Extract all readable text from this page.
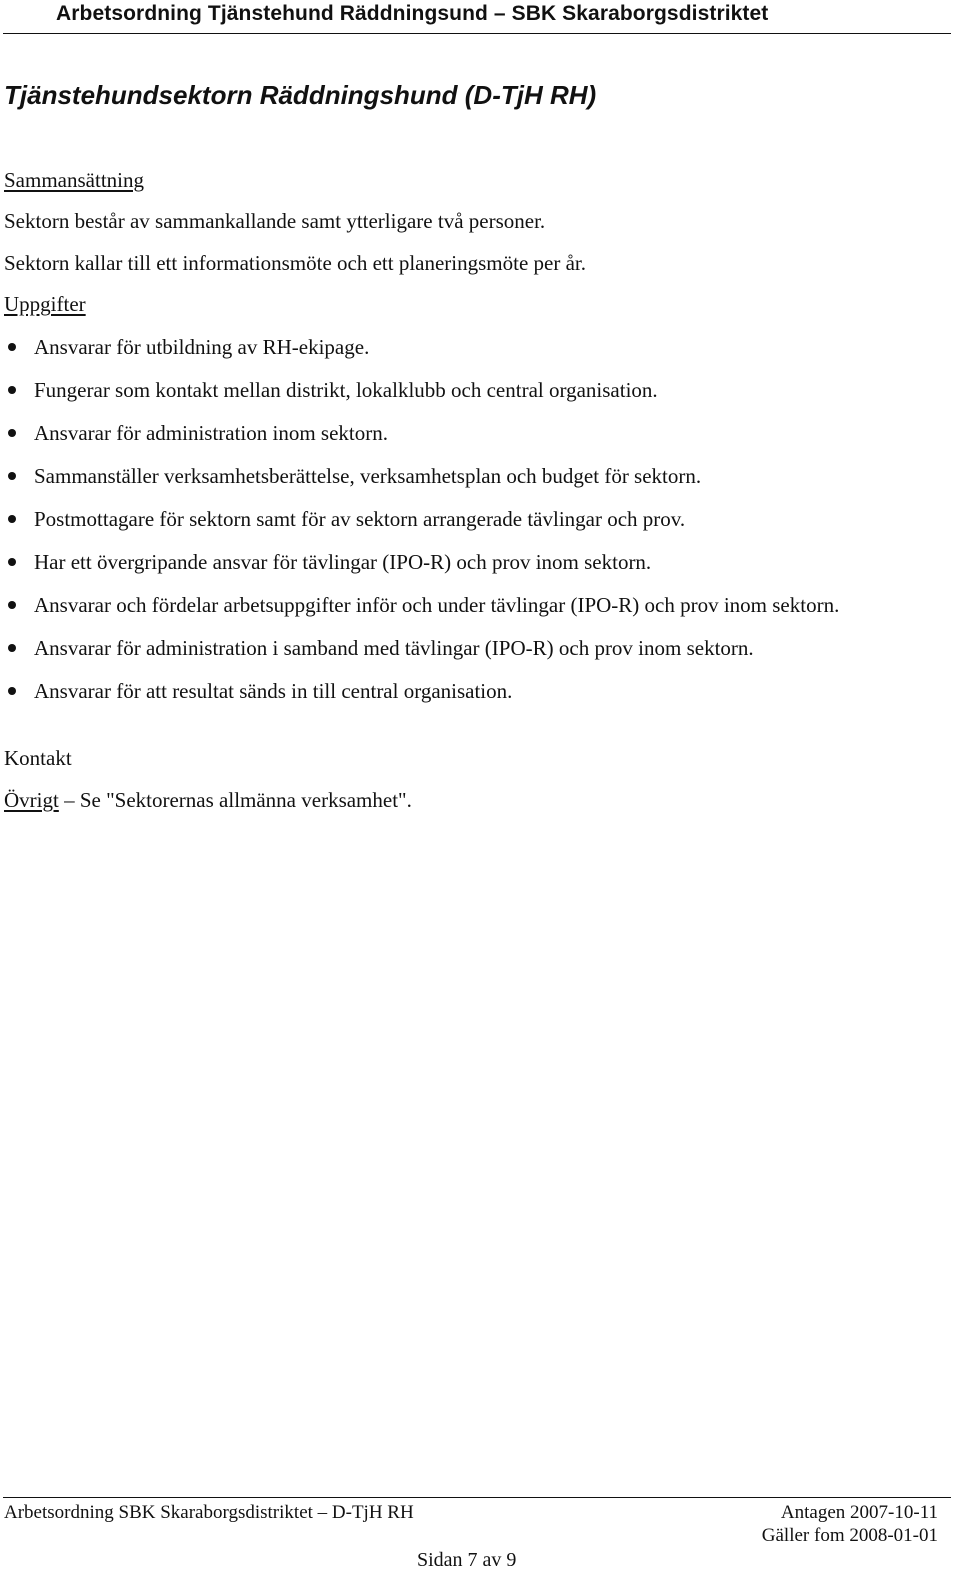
Arbetsordning Tjänstehund Räddningsund – SBK Skaraborgsdistriktet
Tjänstehundsektorn Räddningshund (D-TjH RH)
Sammansättning
Sektorn består av sammankallande samt ytterligare två personer.
Sektorn kallar till ett informationsmöte och ett planeringsmöte per år.
Uppgifter
Ansvarar för utbildning av RH-ekipage.
Fungerar som kontakt mellan distrikt, lokalklubb och central organisation.
Ansvarar för administration inom sektorn.
Sammanställer verksamhetsberättelse, verksamhetsplan och budget för sektorn.
Postmottagare för sektorn samt för av sektorn arrangerade tävlingar och prov.
Har ett övergripande ansvar för tävlingar (IPO-R) och prov inom sektorn.
Ansvarar och fördelar arbetsuppgifter inför och under tävlingar (IPO-R) och prov inom sektorn.
Ansvarar för administration i samband med tävlingar (IPO-R) och prov inom sektorn.
Ansvarar för att resultat sänds in till central organisation.
Kontakt
Övrigt – Se "Sektorernas allmänna verksamhet".
Arbetsordning SBK Skaraborgsdistriktet – D-TjH RH	Antagen 2007-10-11
Gäller fom 2008-01-01
Sidan 7 av 9
